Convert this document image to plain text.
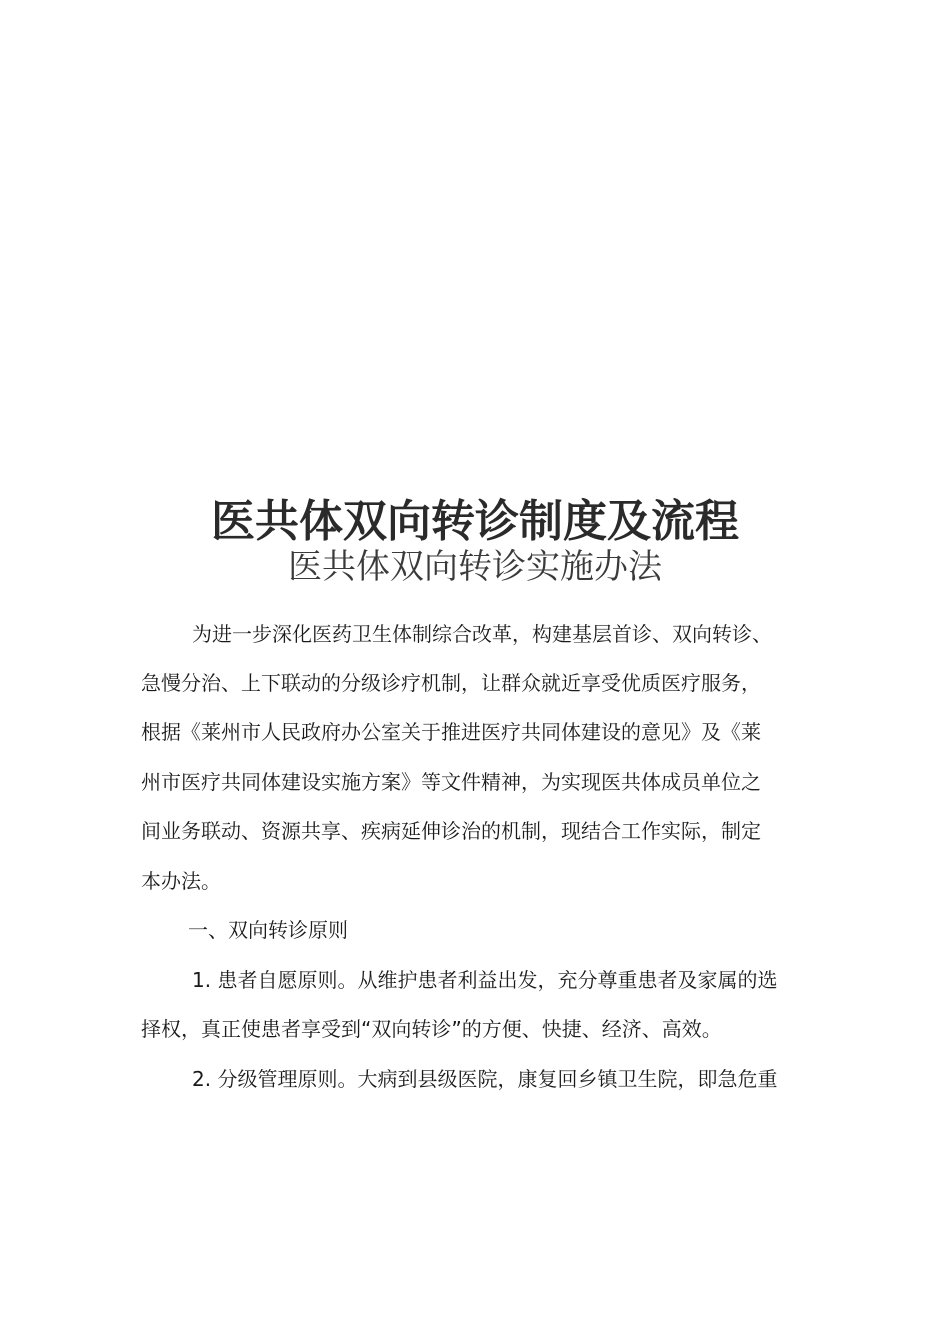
医共体双向转诊制度及流程
医共体双向转诊实施办法
为进一步深化医药卫生体制综合改革，构建基层首诊、双向转诊、
急慢分治、上下联动的分级诊疗机制，让群众就近享受优质医疗服务，
根据《莱州市人民政府办公室关于推进医疗共同体建设的意见》及《莱
州市医疗共同体建设实施方案》等文件精神，为实现医共体成员单位之
间业务联动、资源共享、疾病延伸诊治的机制，现结合工作实际，制定
本办法。
一、双向转诊原则
1. 患者自愿原则。从维护患者利益出发，充分尊重患者及家属的选
择权，真正使患者享受到“双向转诊”的方便、快捷、经济、高效。
2. 分级管理原则。大病到县级医院，康复回乡镇卫生院，即急危重
